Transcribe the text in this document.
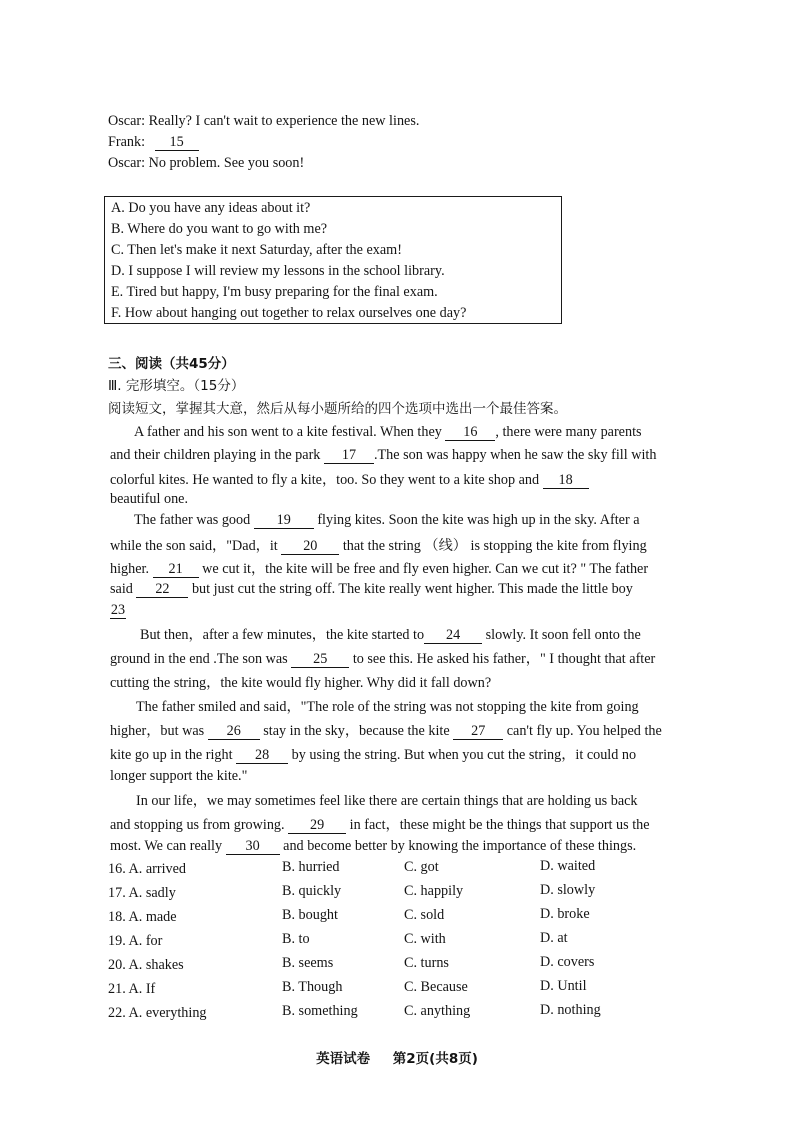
Oscar: Really? I can't wait to experience the new lines.
Frank: 15
Oscar: No problem. See you soon!
A. Do you have any ideas about it?
B. Where do you want to go with me?
C. Then let's make it next Saturday, after the exam!
D. I suppose I will review my lessons in the school library.
E. Tired but happy, I'm busy preparing for the final exam.
F. How about hanging out together to relax ourselves one day?
三、阅读（共45分）
Ⅲ. 完形填空。（15分）
阅读短文，掌握其大意，然后从每小题所给的四个选项中选出一个最佳答案。
A father and his son went to a kite festival. When they 16 , there were many parents
and their children playing in the park 17 .The son was happy when he saw the sky fill with
colorful kites. He wanted to fly a kite，too. So they went to a kite shop and 18
beautiful one.
The father was good 19 flying kites. Soon the kite was high up in the sky. After a
while the son said，"Dad，it 20 that the string （线） is stopping the kite from flying
higher. 21 we cut it，the kite will be free and fly even higher. Can we cut it? " The father
said 22 but just cut the string off. The kite really went higher. This made the little boy
23
But then，after a few minutes，the kite started to 24 slowly. It soon fell onto the
ground in the end .The son was 25 to see this. He asked his father，" I thought that after
cutting the string，the kite would fly higher. Why did it fall down?
The father smiled and said，"The role of the string was not stopping the kite from going
higher，but was 26 stay in the sky，because the kite 27 can't fly up. You helped the
kite go up in the right 28 by using the string. But when you cut the string，it could no
longer support the kite."
In our life，we may sometimes feel like there are certain things that are holding us back
and stopping us from growing. 29 in fact，these might be the things that support us the
most. We can really 30 and become better by knowing the importance of these things.
16. A. arrived	B. hurried	C. got	D. waited
17. A. sadly	B. quickly	C. happily	D. slowly
18. A. made	B. bought	C. sold	D. broke
19. A. for	B. to	C. with	D. at
20. A. shakes	B. seems	C. turns	D. covers
21. A. If	B. Though	C. Because	D. Until
22. A. everything	B. something	C. anything	D. nothing
英语试卷 第2页(共8页)
